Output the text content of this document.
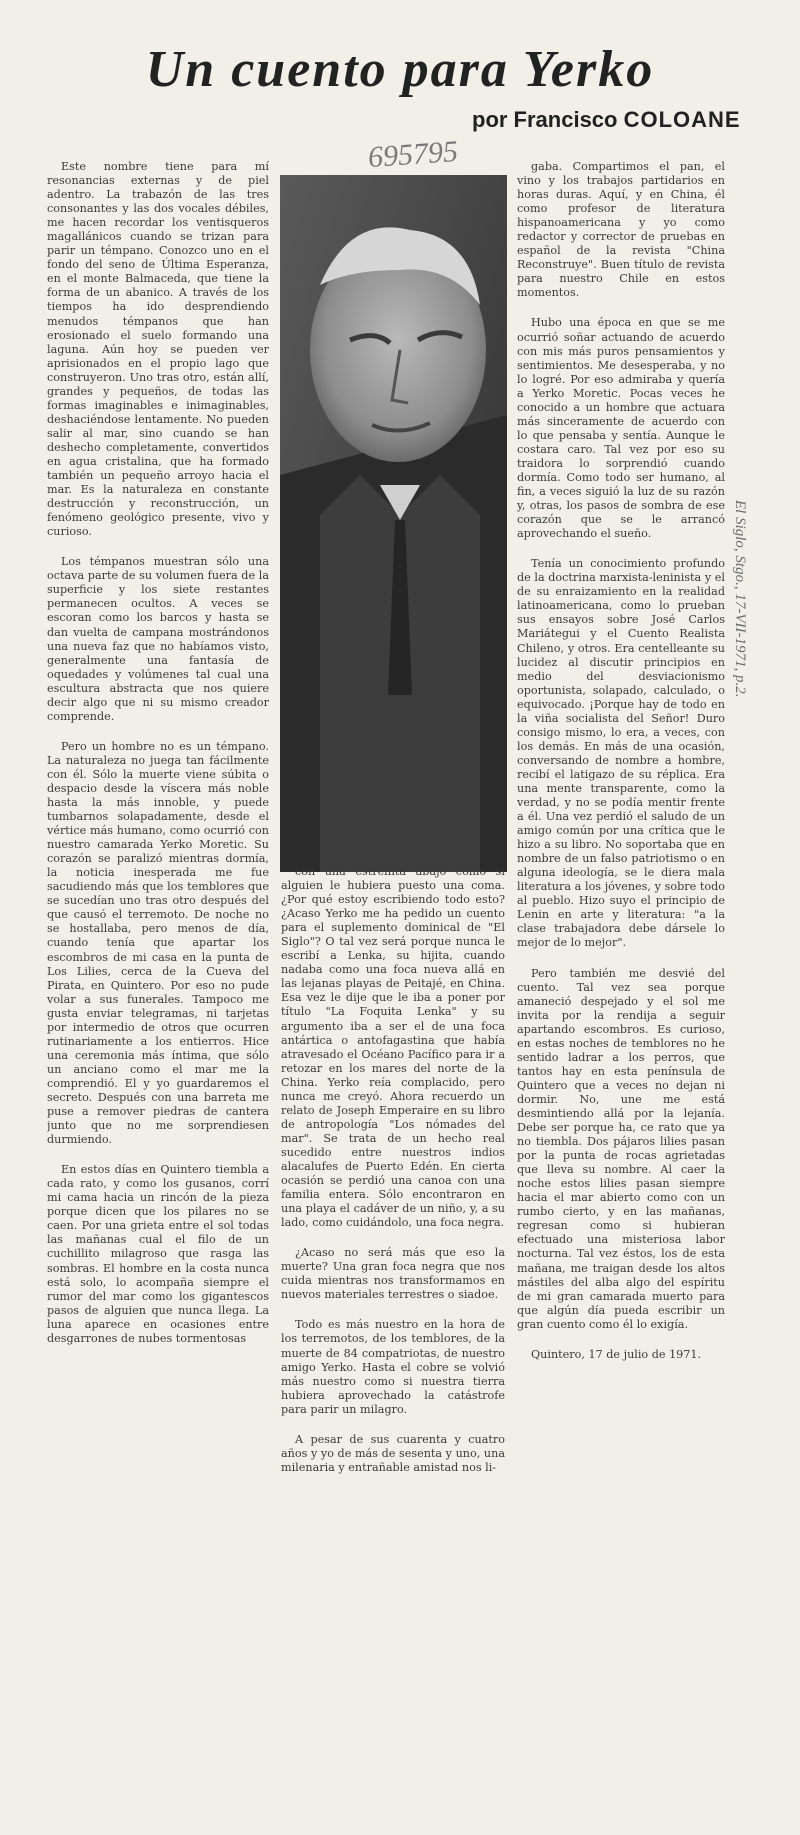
Un cuento para Yerko
por Francisco COLOANE
695795
El Siglo, Stgo., 17-VII-1971, p.2.

Este nombre tiene para mí resonancias externas y de piel adentro. La trabazón de las tres consonantes y las dos vocales débiles, me hacen recordar los ventisqueros magallánicos cuando se trizan para parir un témpano. Conozco uno en el fondo del seno de Última Esperanza, en el monte Balmaceda, que tiene la forma de un abanico. A través de los tiempos ha ido desprendiendo menudos témpanos que han erosionado el suelo formando una laguna. Aún hoy se pueden ver aprisionados en el propio lago que construyeron. Uno tras otro, están allí, grandes y pequeños, de todas las formas imaginables e inimaginables, deshaciéndose lentamente. No pueden salir al mar, sino cuando se han deshecho completamente, convertidos en agua cristalina, que ha formado también un pequeño arroyo hacia el mar. Es la naturaleza en constante destrucción y reconstrucción, un fenómeno geológico presente, vivo y curioso.

Los témpanos muestran sólo una octava parte de su volumen fuera de la superficie y los siete restantes permanecen ocultos. A veces se escoran como los barcos y hasta se dan vuelta de campana mostrándonos una nueva faz que no habíamos visto, generalmente una fantasía de oquedades y volúmenes tal cual una escultura abstracta que nos quiere decir algo que ni su mismo creador comprende.

Pero un hombre no es un témpano. La naturaleza no juega tan fácilmente con él. Sólo la muerte viene súbita o despacio desde la víscera más noble hasta la más innoble, y puede tumbarnos solapadamente, desde el vértice más humano, como ocurrió con nuestro camarada Yerko Moretic. Su corazón se paralizó mientras dormía, la noticia inesperada me fue sacudiendo más que los temblores que se sucedían uno tras otro después del que causó el terremoto. De noche no se hostallaba, pero menos de día, cuando tenía que apartar los escombros de mi casa en la punta de Los Lilies, cerca de la Cueva del Pirata, en Quintero. Por eso no pude volar a sus funerales. Tampoco me gusta enviar telegramas, ni tarjetas por intermedio de otros que ocurren rutinariamente a los entierros. Hice una ceremonia más íntima, que sólo un anciano como el mar me la comprendió. El y yo guardaremos el secreto. Después con una barreta me puse a remover piedras de cantera junto que no me sorprendiesen durmiendo.

En estos días en Quintero tiembla a cada rato, y como los gusanos, corrí mi cama hacia un rincón de la pieza porque dicen que los pilares no se caen. Por una grieta entre el sol todas las mañanas cual el filo de un cuchillito milagroso que rasga las sombras. El hombre en la costa nunca está solo, lo acompaña siempre el rumor del mar como los gigantescos pasos de alguien que nunca llega. La luna aparece en ocasiones entre desgarrones de nubes tormentosas

con una estrellita abajo como si alguien le hubiera puesto una coma. ¿Por qué estoy escribiendo todo esto? ¿Acaso Yerko me ha pedido un cuento para el suplemento dominical de "El Siglo"? O tal vez será porque nunca le escribí a Lenka, su hijita, cuando nadaba como una foca nueva allá en las lejanas playas de Peitajé, en China. Esa vez le dije que le iba a poner por título "La Foquita Lenka" y su argumento iba a ser el de una foca antártica o antofagastina que había atravesado el Océano Pacífico para ir a retozar en los mares del norte de la China. Yerko reía complacido, pero nunca me creyó. Ahora recuerdo un relato de Joseph Emperaire en su libro de antropología "Los nómades del mar". Se trata de un hecho real sucedido entre nuestros indios alacalufes de Puerto Edén. En cierta ocasión se perdió una canoa con una familia entera. Sólo encontraron en una playa el cadáver de un niño, y, a su lado, como cuidándolo, una foca negra.

¿Acaso no será más que eso la muerte? Una gran foca negra que nos cuida mientras nos transformamos en nuevos materiales terrestres o siadoe.

Todo es más nuestro en la hora de los terremotos, de los temblores, de la muerte de 84 compatriotas, de nuestro amigo Yerko. Hasta el cobre se volvió más nuestro como si nuestra tierra hubiera aprovechado la catástrofe para parir un milagro.

A pesar de sus cuarenta y cuatro años y yo de más de sesenta y uno, una milenaria y entrañable amistad nos li-

gaba. Compartimos el pan, el vino y los trabajos partidarios en horas duras. Aquí, y en China, él como profesor de literatura hispanoamericana y yo como redactor y corrector de pruebas en español de la revista "China Reconstruye". Buen título de revista para nuestro Chile en estos momentos.

Hubo una época en que se me ocurrió soñar actuando de acuerdo con mis más puros pensamientos y sentimientos. Me desesperaba, y no lo logré. Por eso admiraba y quería a Yerko Moretic. Pocas veces he conocido a un hombre que actuara más sinceramente de acuerdo con lo que pensaba y sentía. Aunque le costara caro. Tal vez por eso su traidora lo sorprendió cuando dormía. Como todo ser humano, al fin, a veces siguió la luz de su razón y, otras, los pasos de sombra de ese corazón que se le arrancó aprovechando el sueño.

Tenía un conocimiento profundo de la doctrina marxista-leninista y el de su enraizamiento en la realidad latinoamericana, como lo prueban sus ensayos sobre José Carlos Mariátegui y el Cuento Realista Chileno, y otros. Era centelleante su lucidez al discutir principios en medio del desviacionismo oportunista, solapado, calculado, o equivocado. ¡Porque hay de todo en la viña socialista del Señor! Duro consigo mismo, lo era, a veces, con los demás. En más de una ocasión, conversando de nombre a hombre, recibí el latigazo de su réplica. Era una mente transparente, como la verdad, y no se podía mentir frente a él. Una vez perdió el saludo de un amigo común por una crítica que le hizo a su libro. No soportaba que en nombre de un falso patriotismo o en alguna ideología, se le diera mala literatura a los jóvenes, y sobre todo al pueblo. Hizo suyo el principio de Lenin en arte y literatura: "a la clase trabajadora debe dársele lo mejor de lo mejor".

Pero también me desvié del cuento. Tal vez sea porque amaneció despejado y el sol me invita por la rendija a seguir apartando escombros. Es curioso, en estas noches de temblores no he sentido ladrar a los perros, que tantos hay en esta península de Quintero que a veces no dejan ni dormir. No, une me está desmintiendo allá por la lejanía. Debe ser porque ha, ce rato que ya no tiembla. Dos pájaros lilies pasan por la punta de rocas agrietadas que lleva su nombre. Al caer la noche estos lilies pasan siempre hacia el mar abierto como con un rumbo cierto, y en las mañanas, regresan como si hubieran efectuado una misteriosa labor nocturna. Tal vez éstos, los de esta mañana, me traigan desde los altos mástiles del alba algo del espíritu de mi gran camarada muerto para que algún día pueda escribir un gran cuento como él lo exigía.

Quintero, 17 de julio de 1971.
